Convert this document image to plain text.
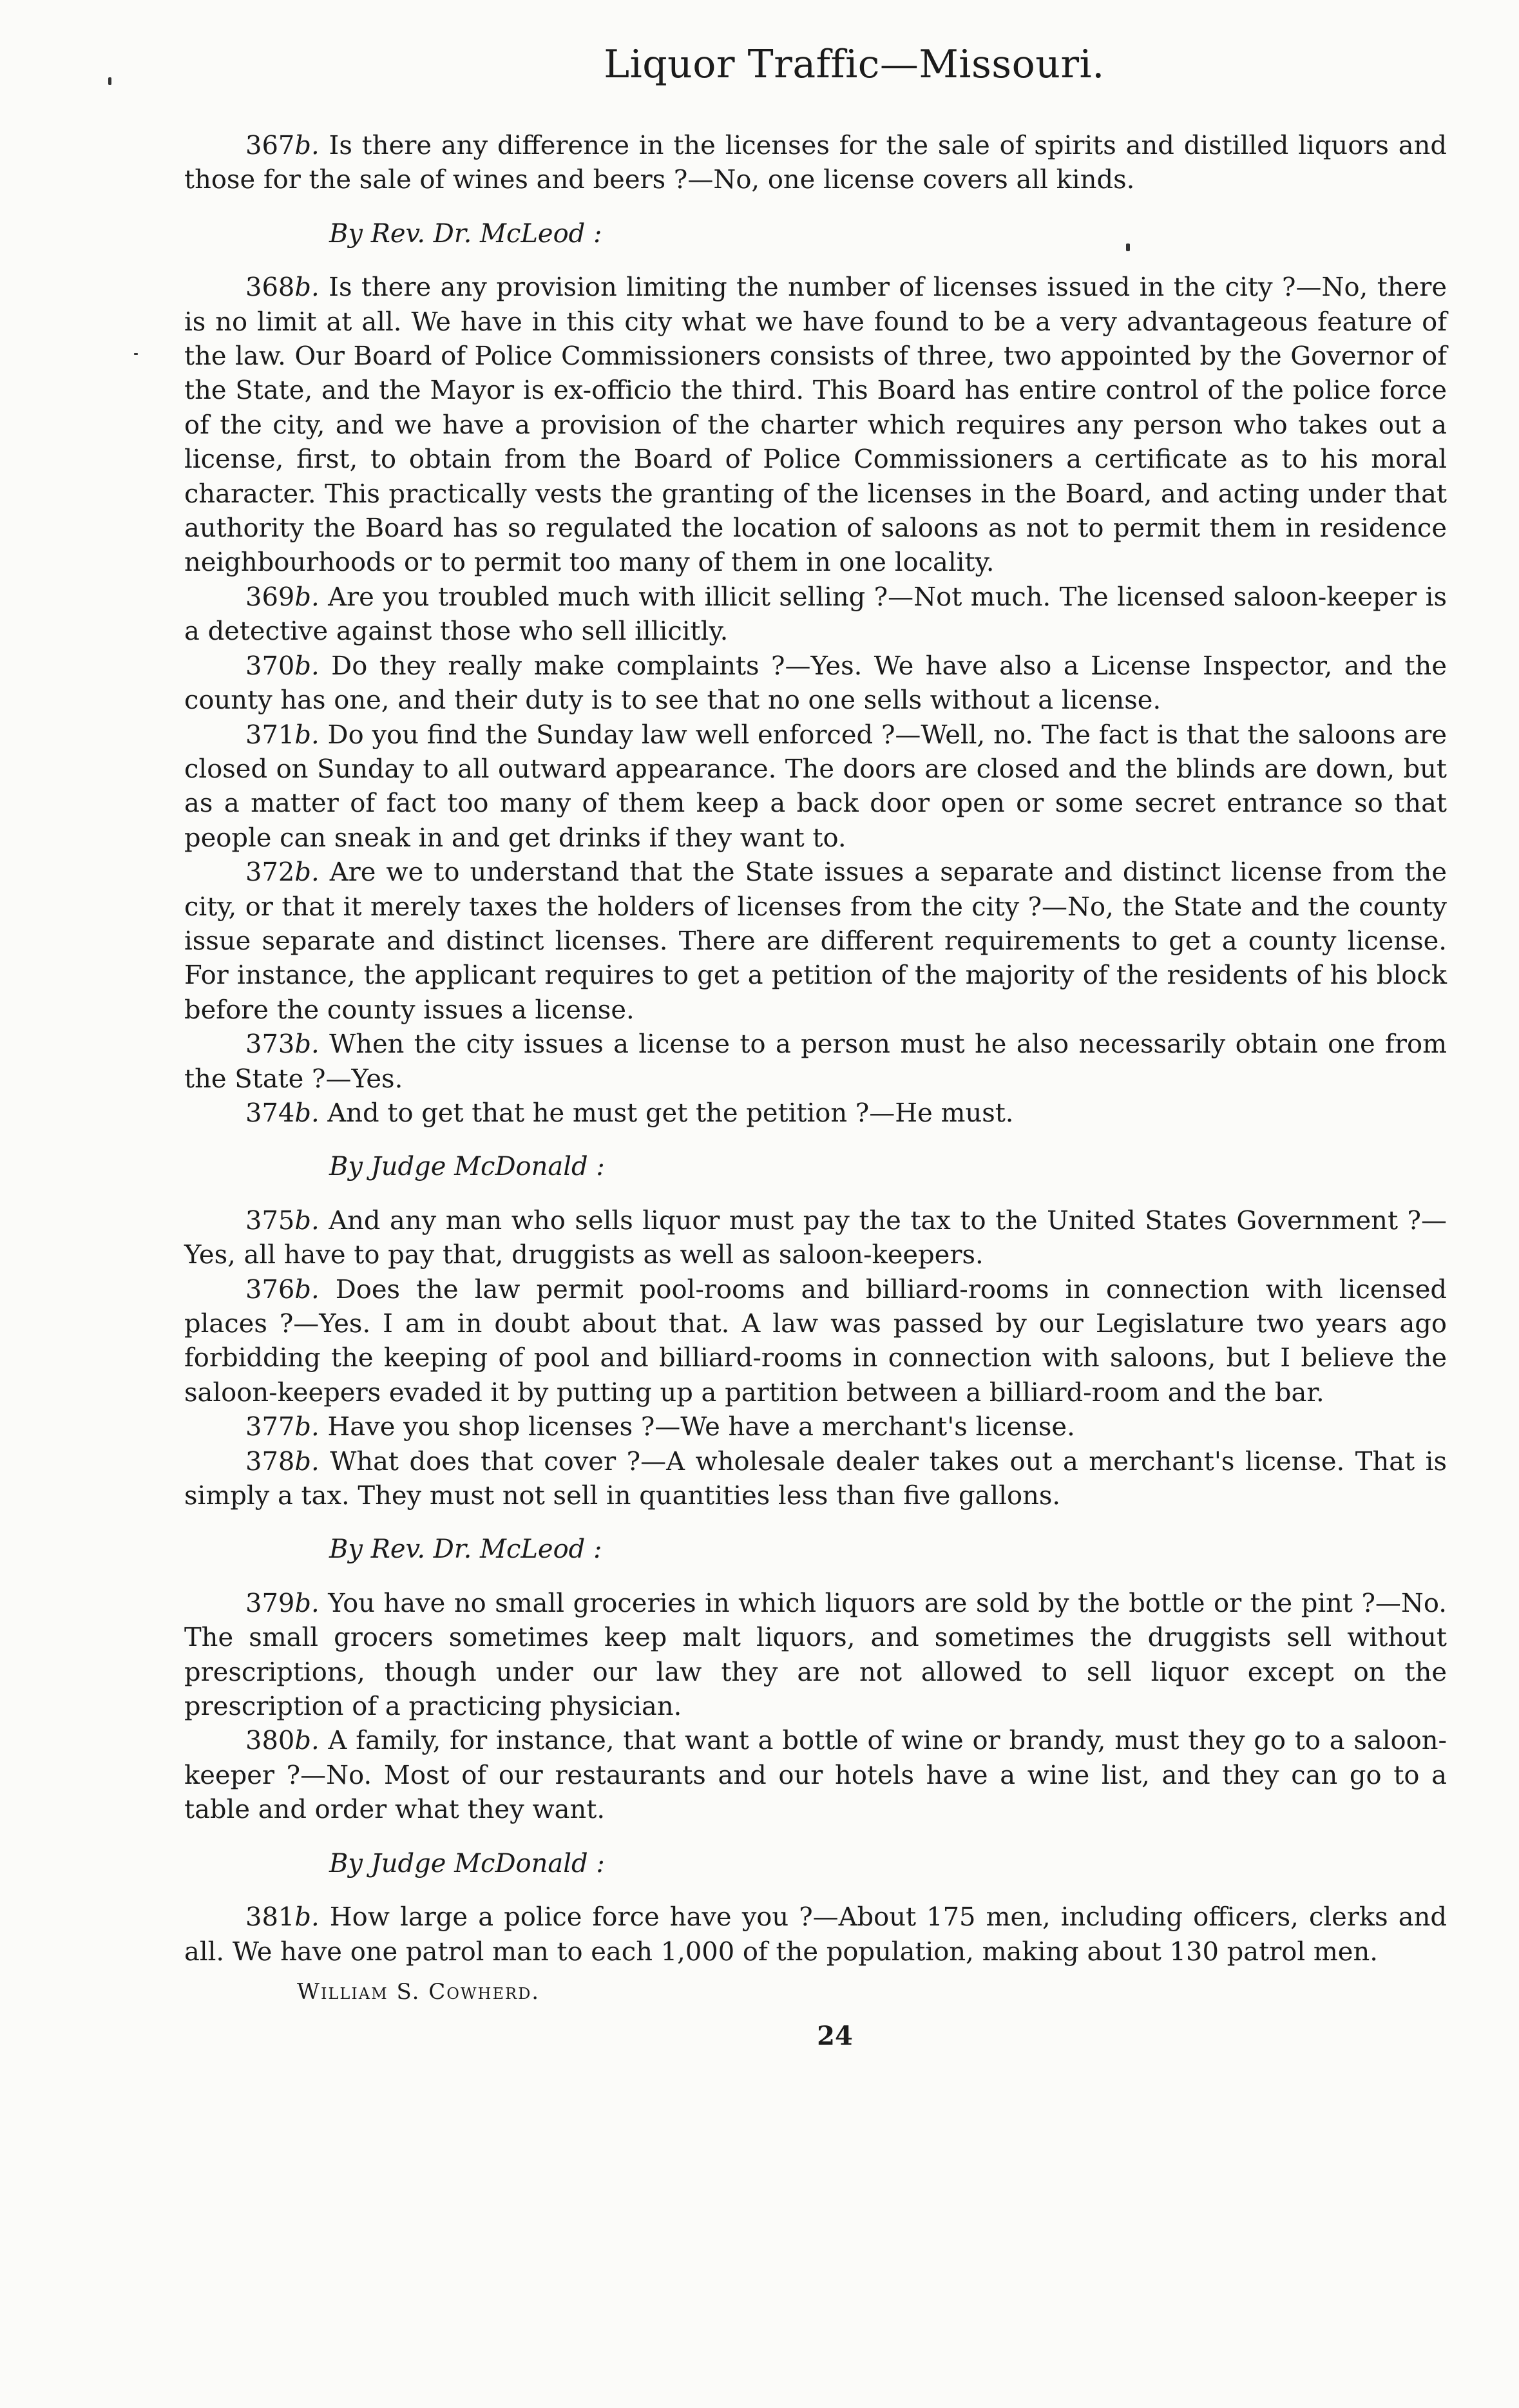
Liquor Traffic—Missouri.

367b. Is there any difference in the licenses for the sale of spirits and distilled liquors and those for the sale of wines and beers ?—No, one license covers all kinds.

By Rev. Dr. McLeod :

368b. Is there any provision limiting the number of licenses issued in the city ?—No, there is no limit at all. We have in this city what we have found to be a very advantageous feature of the law. Our Board of Police Commissioners consists of three, two appointed by the Governor of the State, and the Mayor is ex-officio the third. This Board has entire control of the police force of the city, and we have a provision of the charter which requires any person who takes out a license, first, to obtain from the Board of Police Commissioners a certificate as to his moral character. This practically vests the granting of the licenses in the Board, and acting under that authority the Board has so regulated the location of saloons as not to permit them in residence neighbourhoods or to permit too many of them in one locality.

369b. Are you troubled much with illicit selling ?—Not much. The licensed saloon-keeper is a detective against those who sell illicitly.

370b. Do they really make complaints ?—Yes. We have also a License Inspector, and the county has one, and their duty is to see that no one sells without a license.

371b. Do you find the Sunday law well enforced ?—Well, no. The fact is that the saloons are closed on Sunday to all outward appearance. The doors are closed and the blinds are down, but as a matter of fact too many of them keep a back door open or some secret entrance so that people can sneak in and get drinks if they want to.

372b. Are we to understand that the State issues a separate and distinct license from the city, or that it merely taxes the holders of licenses from the city ?—No, the State and the county issue separate and distinct licenses. There are different requirements to get a county license. For instance, the applicant requires to get a petition of the majority of the residents of his block before the county issues a license.

373b. When the city issues a license to a person must he also necessarily obtain one from the State ?—Yes.

374b. And to get that he must get the petition ?—He must.

By Judge McDonald :

375b. And any man who sells liquor must pay the tax to the United States Government ?—Yes, all have to pay that, druggists as well as saloon-keepers.

376b. Does the law permit pool-rooms and billiard-rooms in connection with licensed places ?—Yes. I am in doubt about that. A law was passed by our Legislature two years ago forbidding the keeping of pool and billiard-rooms in connection with saloons, but I believe the saloon-keepers evaded it by putting up a partition between a billiard-room and the bar.

377b. Have you shop licenses ?—We have a merchant's license.

378b. What does that cover ?—A wholesale dealer takes out a merchant's license. That is simply a tax. They must not sell in quantities less than five gallons.

By Rev. Dr. McLeod :

379b. You have no small groceries in which liquors are sold by the bottle or the pint ?—No. The small grocers sometimes keep malt liquors, and sometimes the druggists sell without prescriptions, though under our law they are not allowed to sell liquor except on the prescription of a practicing physician.

380b. A family, for instance, that want a bottle of wine or brandy, must they go to a saloon-keeper ?—No. Most of our restaurants and our hotels have a wine list, and they can go to a table and order what they want.

By Judge McDonald :

381b. How large a police force have you ?—About 175 men, including officers, clerks and all. We have one patrol man to each 1,000 of the population, making about 130 patrol men.

William S. Cowherd.
24
